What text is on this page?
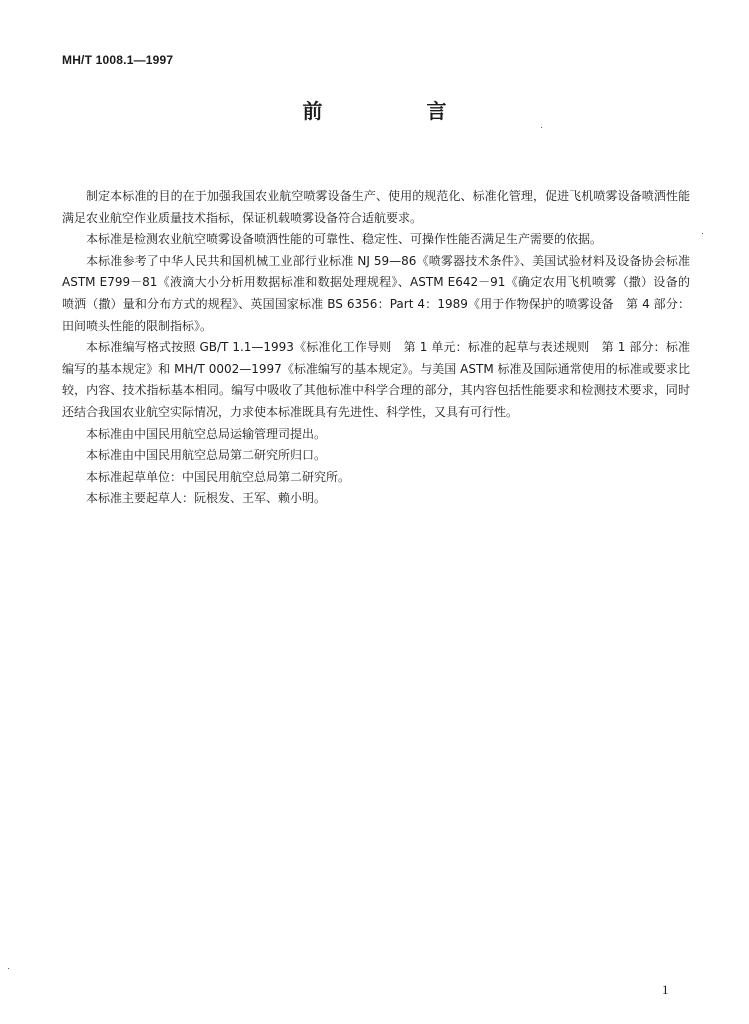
MH/T 1008.1—1997
前　言

制定本标准的目的在于加强我国农业航空喷雾设备生产、使用的规范化、标准化管理，促进飞机喷雾设备喷洒性能满足农业航空作业质量技术指标，保证机载喷雾设备符合适航要求。

本标准是检测农业航空喷雾设备喷洒性能的可靠性、稳定性、可操作性能否满足生产需要的依据。

本标准参考了中华人民共和国机械工业部行业标准 NJ 59—86《喷雾器技术条件》、美国试验材料及设备协会标准 ASTM E799－81《液滴大小分析用数据标准和数据处理规程》、ASTM E642－91《确定农用飞机喷雾（撒）设备的喷洒（撒）量和分布方式的规程》、英国国家标准 BS 6356：Part 4：1989《用于作物保护的喷雾设备　第 4 部分：田间喷头性能的限制指标》。

本标准编写格式按照 GB/T 1.1—1993《标准化工作导则　第 1 单元：标准的起草与表述规则　第 1 部分：标准编写的基本规定》和 MH/T 0002—1997《标准编写的基本规定》。与美国 ASTM 标准及国际通常使用的标准或要求比较，内容、技术指标基本相同。编写中吸收了其他标准中科学合理的部分，其内容包括性能要求和检测技术要求，同时还结合我国农业航空实际情况，力求使本标准既具有先进性、科学性，又具有可行性。

本标准由中国民用航空总局运输管理司提出。

本标准由中国民用航空总局第二研究所归口。

本标准起草单位：中国民用航空总局第二研究所。

本标准主要起草人：阮根发、王军、赖小明。

1
